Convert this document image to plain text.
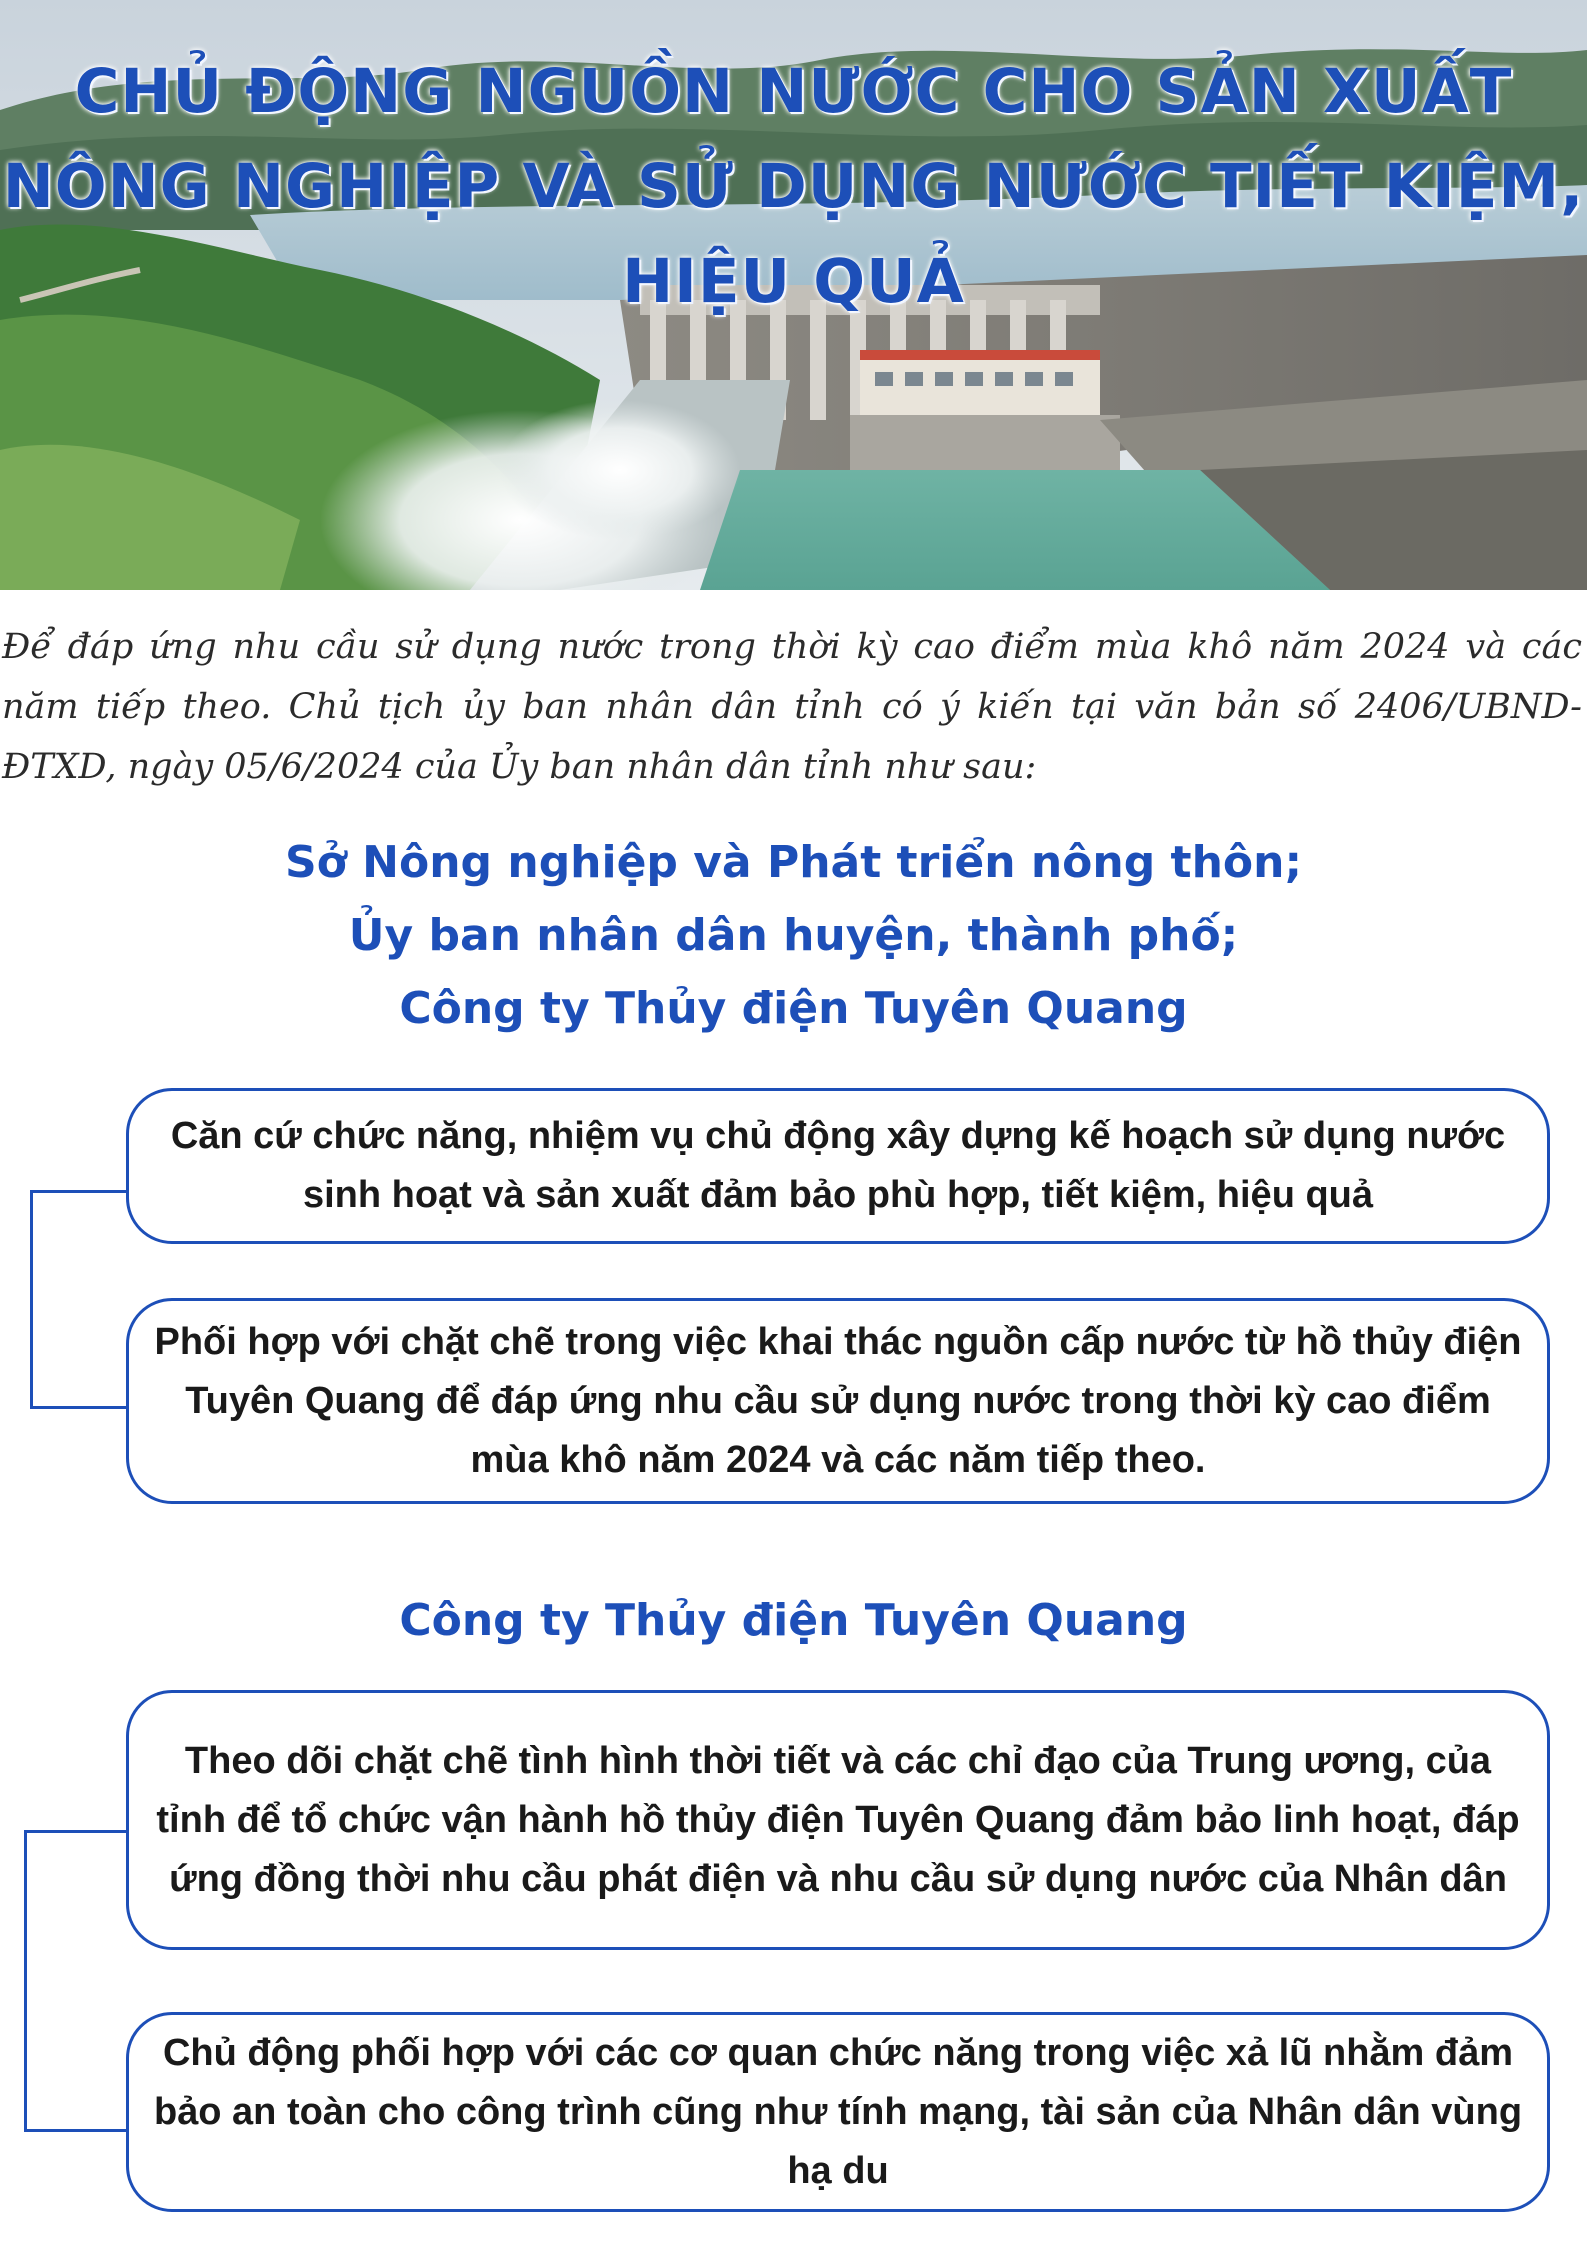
CHỦ ĐỘNG NGUỒN NƯỚC CHO SẢN XUẤT
NÔNG NGHIỆP VÀ SỬ DỤNG NƯỚC TIẾT KIỆM,
HIỆU QUẢ

Để đáp ứng nhu cầu sử dụng nước trong thời kỳ cao điểm mùa khô năm 2024 và các năm tiếp theo. Chủ tịch ủy ban nhân dân tỉnh có ý kiến tại văn bản số 2406/UBND-ĐTXD, ngày 05/6/2024 của Ủy ban nhân dân tỉnh như sau:

Sở Nông nghiệp và Phát triển nông thôn;
Ủy ban nhân dân huyện, thành phố;
Công ty Thủy điện Tuyên Quang

Căn cứ chức năng, nhiệm vụ chủ động xây dựng kế hoạch sử dụng nước sinh hoạt và sản xuất đảm bảo phù hợp, tiết kiệm, hiệu quả

Phối hợp với chặt chẽ trong việc khai thác nguồn cấp nước từ hồ thủy điện Tuyên Quang để đáp ứng nhu cầu sử dụng nước trong thời kỳ cao điểm mùa khô năm 2024 và các năm tiếp theo.

Công ty Thủy điện Tuyên Quang

Theo dõi chặt chẽ tình hình thời tiết và các chỉ đạo của Trung ương, của tỉnh để tổ chức vận hành hồ thủy điện Tuyên Quang đảm bảo linh hoạt, đáp ứng đồng thời nhu cầu phát điện và nhu cầu sử dụng nước của Nhân dân

Chủ động phối hợp với các cơ quan chức năng trong việc xả lũ nhằm đảm bảo an toàn cho công trình cũng như tính mạng, tài sản của Nhân dân vùng hạ du
